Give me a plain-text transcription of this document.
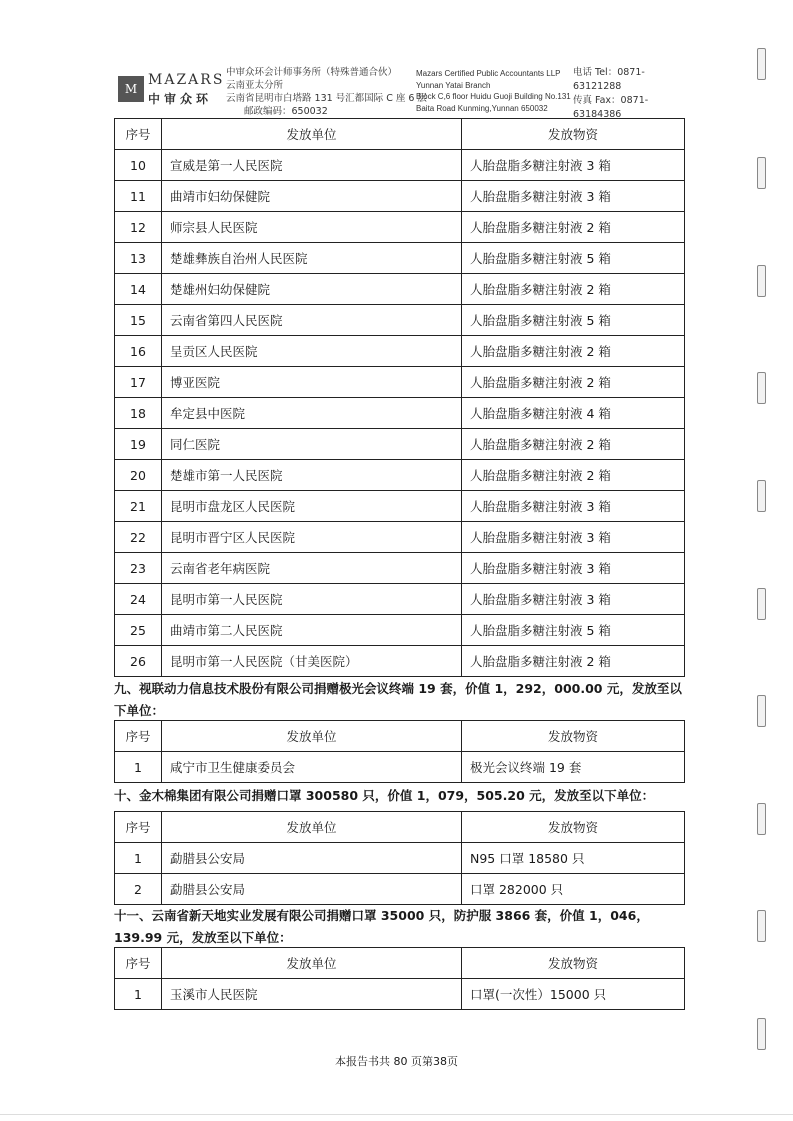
M
MAZARS
中审众环
中审众环会计师事务所（特殊普通合伙）
云南亚太分所
云南省昆明市白塔路 131 号汇都国际 C 座 6 层
邮政编码：650032
Mazars Certified Public Accountants LLP
Yunnan Yatai Branch
Block C,6 floor Huidu Guoji Building No.131
Baita Road Kunming,Yunnan 650032
电话 Tel：0871-63121288
传真 Fax：0871-63184386
序号	发放单位	发放物资
10	宣威是第一人民医院	人胎盘脂多糖注射液 3 箱
11	曲靖市妇幼保健院	人胎盘脂多糖注射液 3 箱
12	师宗县人民医院	人胎盘脂多糖注射液 2 箱
13	楚雄彝族自治州人民医院	人胎盘脂多糖注射液 5 箱
14	楚雄州妇幼保健院	人胎盘脂多糖注射液 2 箱
15	云南省第四人民医院	人胎盘脂多糖注射液 5 箱
16	呈贡区人民医院	人胎盘脂多糖注射液 2 箱
17	博亚医院	人胎盘脂多糖注射液 2 箱
18	牟定县中医院	人胎盘脂多糖注射液 4 箱
19	同仁医院	人胎盘脂多糖注射液 2 箱
20	楚雄市第一人民医院	人胎盘脂多糖注射液 2 箱
21	昆明市盘龙区人民医院	人胎盘脂多糖注射液 3 箱
22	昆明市晋宁区人民医院	人胎盘脂多糖注射液 3 箱
23	云南省老年病医院	人胎盘脂多糖注射液 3 箱
24	昆明市第一人民医院	人胎盘脂多糖注射液 3 箱
25	曲靖市第二人民医院	人胎盘脂多糖注射液 5 箱
26	昆明市第一人民医院（甘美医院）	人胎盘脂多糖注射液 2 箱
九、视联动力信息技术股份有限公司捐赠极光会议终端 19 套，价值 1，292，000.00 元，发放至以下单位：
序号	发放单位	发放物资
1	咸宁市卫生健康委员会	极光会议终端 19 套
十、金木棉集团有限公司捐赠口罩 300580 只，价值 1，079，505.20 元，发放至以下单位：
序号	发放单位	发放物资
1	勐腊县公安局	N95 口罩 18580 只
2	勐腊县公安局	口罩 282000 只
十一、云南省新天地实业发展有限公司捐赠口罩 35000 只，防护服 3866 套，价值 1，046，139.99 元，发放至以下单位：
序号	发放单位	发放物资
1	玉溪市人民医院	口罩(一次性）15000 只
本报告书共 80 页第38页
